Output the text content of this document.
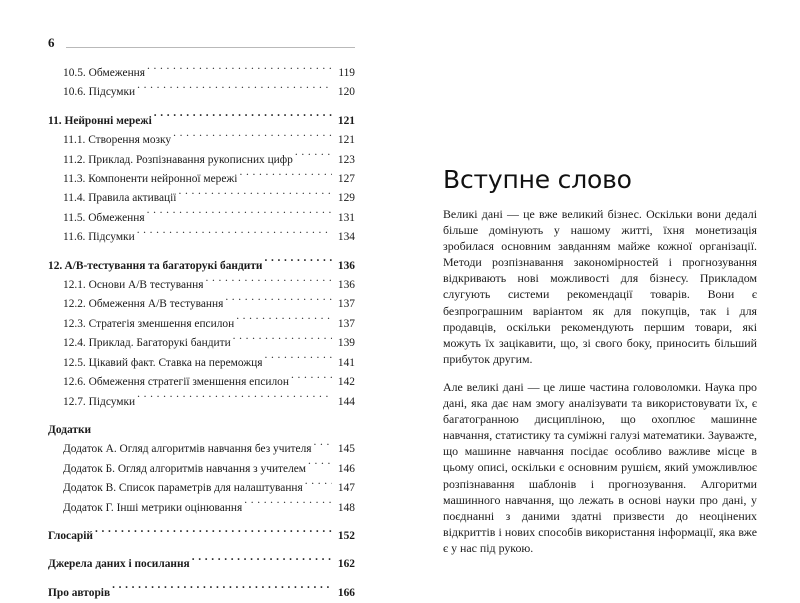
6
10.5. Обмеження . . .	119
10.6. Підсумки . . .	120
11. Нейронні мережі . . .	121
11.1. Створення мозку . . .	121
11.2. Приклад. Розпізнавання рукописних цифр . . .	123
11.3. Компоненти нейронної мережі . . .	127
11.4. Правила активації . . .	129
11.5. Обмеження . . .	131
11.6. Підсумки . . .	134
12. A/B-тестування та багаторукі бандити . . .	136
12.1. Основи A/B тестування . . .	136
12.2. Обмеження A/B тестування . . .	137
12.3. Стратегія зменшення епсилон . . .	137
12.4. Приклад. Багаторукі бандити . . .	139
12.5. Цікавий факт. Ставка на переможця . . .	141
12.6. Обмеження стратегії зменшення епсилон . . .	142
12.7. Підсумки . . .	144
Додатки
Додаток А. Огляд алгоритмів навчання без учителя . . .	145
Додаток Б. Огляд алгоритмів навчання з учителем . . .	146
Додаток В. Список параметрів для налаштування . . .	147
Додаток Г. Інші метрики оцінювання . . .	148
Глосарій . . .	152
Джерела даних і посилання . . .	162
Про авторів . . .	166
Вступне слово

Великі дані — це вже великий бізнес. Оскільки вони дедалі більше домінують у нашому житті, їхня монетизація зробилася основним завданням майже кожної організації. Методи розпізнавання закономірностей і прогнозування відкривають нові можливості для бізнесу. Прикладом слугують системи рекомендації товарів. Вони є безпрограшним варіантом як для покупців, так і для продавців, оскільки рекомендують першим товари, які можуть їх зацікавити, що, зі свого боку, приносить більший прибуток другим.

Але великі дані — це лише частина головоломки. Наука про дані, яка дає нам змогу аналізувати та використовувати їх, є багатогранною дисципліною, що охоплює машинне навчання, статистику та суміжні галузі математики. Зауважте, що машинне навчання посідає особливо важливе місце в цьому описі, оскільки є основним рушієм, який уможливлює розпізнавання шаблонів і прогнозування. Алгоритми машинного навчання, що лежать в основі науки про дані, у поєднанні з даними здатні призвести до неоцінених відкриттів і нових способів використання інформації, яка вже є у нас під рукою.
